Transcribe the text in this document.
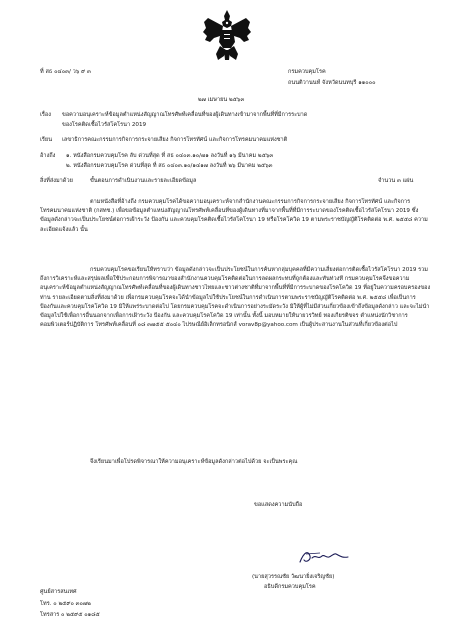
ที่ สธ ๐๔๐๓/ ว๖ ๙ ๓	กรมควบคุมโรค
ถนนติวานนท์ จังหวัดนนทบุรี ๑๑๐๐๐
๒๗ เมษายน ๒๕๖๓
เรื่อง ขอความอนุเคราะห์ข้อมูลตำแหน่งสัญญาณโทรศัพท์เคลื่อนที่ของผู้เดินทางเข้ามาจากพื้นที่ที่มีการระบาด
ของโรคติดเชื้อไวรัสโคโรนา 2019
เรียน เลขาธิการคณะกรรมการกิจการกระจายเสียง กิจการโทรทัศน์ และกิจการโทรคมนาคมแห่งชาติ
อ้างถึง ๑. หนังสือกรมควบคุมโรค ลับ ด่วนที่สุด ที่ สธ ๐๔๐๓.๑๐/๗๑ ลงวันที่ ๑๖ มีนาคม ๒๕๖๓
๒. หนังสือกรมควบคุมโรค ด่วนที่สุด ที่ สธ ๐๔๐๓.๑๐/๑๔๑๗ ลงวันที่ ๒๖ มีนาคม ๒๕๖๓
สิ่งที่ส่งมาด้วย	ขั้นตอนการดำเนินงานและรายละเอียดข้อมูล	จำนวน ๓ แผ่น
ตามหนังสือที่อ้างถึง กรมควบคุมโรคได้ขอความอนุเคราะห์จากสำนักงานคณะกรรมการกิจการกระจายเสียง กิจการโทรทัศน์ และกิจการโทรคมนาคมแห่งชาติ (กสทช.) เพื่อขอข้อมูลตำแหน่งสัญญาณโทรศัพท์เคลื่อนที่ของผู้เดินทางที่มาจากพื้นที่ที่มีการระบาดของโรคติดเชื้อไวรัสโคโรนา 2019 ซึ่งข้อมูลดังกล่าวจะเป็นประโยชน์ต่อการเฝ้าระวัง ป้องกัน และควบคุมโรคติดเชื้อไวรัสโคโรนา 19 หรือโรคโควิด 19 ตามพระราชบัญญัติโรคติดต่อ พ.ศ. ๒๕๕๘ ความละเอียดแจ้งแล้ว นั้น
กรมควบคุมโรคขอเรียนให้ทราบว่า ข้อมูลดังกล่าวจะเป็นประโยชน์ในการค้นหากลุ่มบุคคลที่มีความเสี่ยงต่อการติดเชื้อไวรัสโคโรนา 2019 รวมถึงการวิเคราะห์และสรุปผลเพื่อใช้ประกอบการพิจารณาของสำนักงานควบคุมโรคติดต่อในการลดผลกระทบที่ถูกต้องและทันท่วงที กรมควบคุมโรคจึงขอความอนุเคราะห์ข้อมูลตำแหน่งสัญญาณโทรศัพท์เคลื่อนที่ของผู้เดินทางชาวไทยและชาวต่างชาติที่มาจากพื้นที่ที่มีการระบาดของโรคโควิด 19 ที่อยู่ในความครอบครองของท่าน รายละเอียดตามสิ่งที่ส่งมาด้วย เพื่อกรมควบคุมโรคจะได้นำข้อมูลไปใช้ประโยชน์ในการดำเนินการตามพระราชบัญญัติโรคติดต่อ พ.ศ. ๒๕๕๘ เพื่อเป็นการป้องกันและควบคุมโรคโควิด 19 มิให้แพร่ระบาดต่อไป โดยกรมควบคุมโรคจะดำเนินการอย่างระมัดระวัง มิให้ผู้ที่ไม่มีส่วนเกี่ยวข้องเข้าถึงข้อมูลดังกล่าว และจะไม่นำข้อมูลไปใช้เพื่อการอื่นนอกจากเพื่อการเฝ้าระวัง ป้องกัน และควบคุมโรคโควิด 19 เท่านั้น ทั้งนี้ มอบหมายให้นายวรวิทย์ ทองเกียรติขจร ตำแหน่งนักวิชาการคอมพิวเตอร์ปฏิบัติการ โทรศัพท์เคลื่อนที่ ๐๘ ๓๗๕๕ ๕๐๔๐ ไปรษณีย์อิเล็กทรอนิกส์ vorav8p@yahoo.com เป็นผู้ประสานงานในส่วนที่เกี่ยวข้องต่อไป
จึงเรียนมาเพื่อโปรดพิจารณาให้ความอนุเคราะห์ข้อมูลดังกล่าวต่อไปด้วย จะเป็นพระคุณ
ขอแสดงความนับถือ
(นายสุวรรณชัย วัฒนายิ่งเจริญชัย)
อธิบดีกรมควบคุมโรค
ศูนย์สารสนเทศ
โทร. ๐ ๒๕๙๐ ๓๐๗๒
โทรสาร ๐ ๒๕๙๕ ๐๑๘๕
